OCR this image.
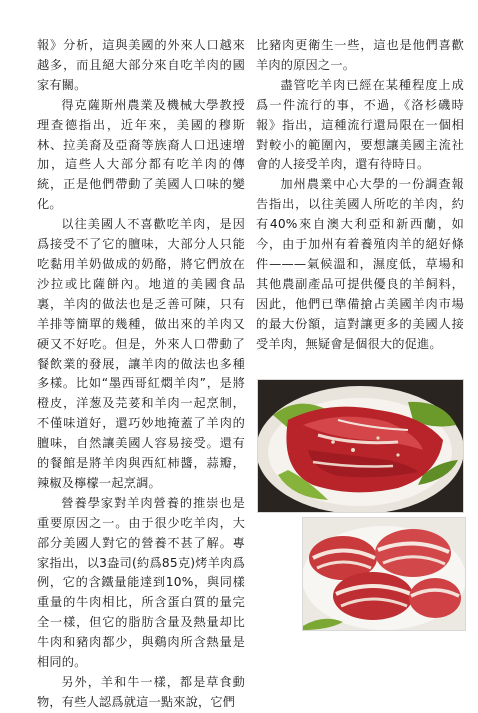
報》分析，這與美國的外來人口越來越多，而且絕大部分來自吃羊肉的國家有關。

得克薩斯州農業及機械大學教授理查德指出，近年來，美國的穆斯林、拉美裔及亞裔等族裔人口迅速增加，這些人大部分都有吃羊肉的傳統，正是他們帶動了美國人口味的變化。

以往美國人不喜歡吃羊肉，是因爲接受不了它的膻味，大部分人只能吃黏用羊奶做成的奶酪，將它們放在沙拉或比薩餅內。地道的美國食品裏，羊肉的做法也是乏善可陳，只有羊排等簡單的幾種，做出來的羊肉又硬又不好吃。但是，外來人口帶動了餐飲業的發展，讓羊肉的做法也多種多樣。比如“墨西哥紅燜羊肉”，是將橙皮，洋葱及芫荽和羊肉一起烹制，不僅味道好，還巧妙地掩蓋了羊肉的膻味，自然讓美國人容易接受。還有的餐館是將羊肉與西紅柿醬，蒜瓣，辣椒及檸檬一起烹調。

營養學家對羊肉營養的推崇也是重要原因之一。由于很少吃羊肉，大部分美國人對它的營養不甚了解。專家指出，以3盎司(約爲85克)烤羊肉爲例，它的含鐵量能達到10%，與同樣重量的牛肉相比，所含蛋白質的量完全一樣，但它的脂肪含量及熱量却比牛肉和豬肉都少，與鷄肉所含熱量是相同的。

另外，羊和牛一樣，都是草食動物，有些人認爲就這一點來說，它們

比豬肉更衛生一些，這也是他們喜歡羊肉的原因之一。

盡管吃羊肉已經在某種程度上成爲一件流行的事，不過，《洛杉磯時報》指出，這種流行還局限在一個相對較小的範圍內，要想讓美國主流社會的人接受羊肉，還有待時日。

加州農業中心大學的一份調查報告指出，以往美國人所吃的羊肉，約有40%來自澳大利亞和新西蘭，如今，由于加州有着養殖肉羊的絕好條件———氣候溫和，濕度低，草場和其他農副產品可提供優良的羊飼料，因此，他們已準備搶占美國羊肉市場的最大份額，這對讓更多的美國人接受羊肉，無疑會是個很大的促進。
